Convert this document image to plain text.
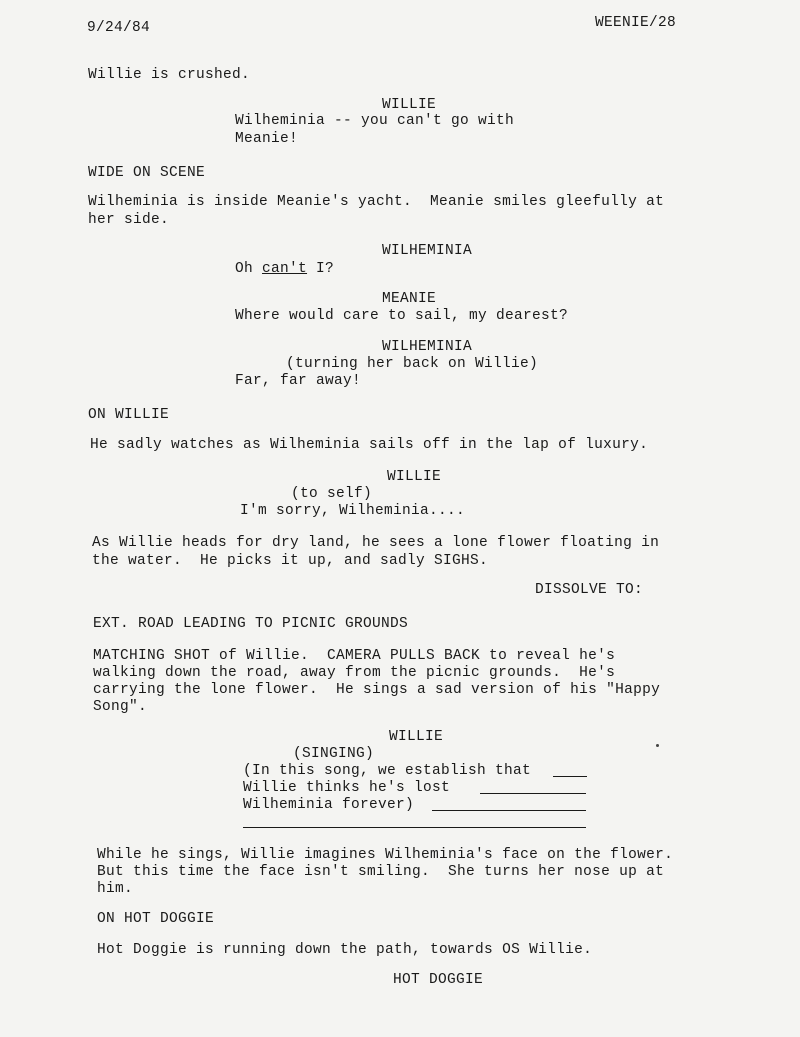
9/24/84	WEENIE/28
Willie is crushed.
WILLIE
Wilheminia -- you can't go with
Meanie!
WIDE ON SCENE
Wilheminia is inside Meanie's yacht.  Meanie smiles gleefully at
her side.
WILHEMINIA
Oh can't I?
MEANIE
Where would care to sail, my dearest?
WILHEMINIA
(turning her back on Willie)
Far, far away!
ON WILLIE
He sadly watches as Wilheminia sails off in the lap of luxury.
WILLIE
(to self)
I'm sorry, Wilheminia....
As Willie heads for dry land, he sees a lone flower floating in
the water.  He picks it up, and sadly SIGHS.
DISSOLVE TO:
EXT. ROAD LEADING TO PICNIC GROUNDS
MATCHING SHOT of Willie.  CAMERA PULLS BACK to reveal he's
walking down the road, away from the picnic grounds.  He's
carrying the lone flower.  He sings a sad version of his "Happy
Song".
WILLIE
(SINGING)
(In this song, we establish that
Willie thinks he's lost
Wilheminia forever)
While he sings, Willie imagines Wilheminia's face on the flower.
But this time the face isn't smiling.  She turns her nose up at
him.
ON HOT DOGGIE
Hot Doggie is running down the path, towards OS Willie.
HOT DOGGIE
